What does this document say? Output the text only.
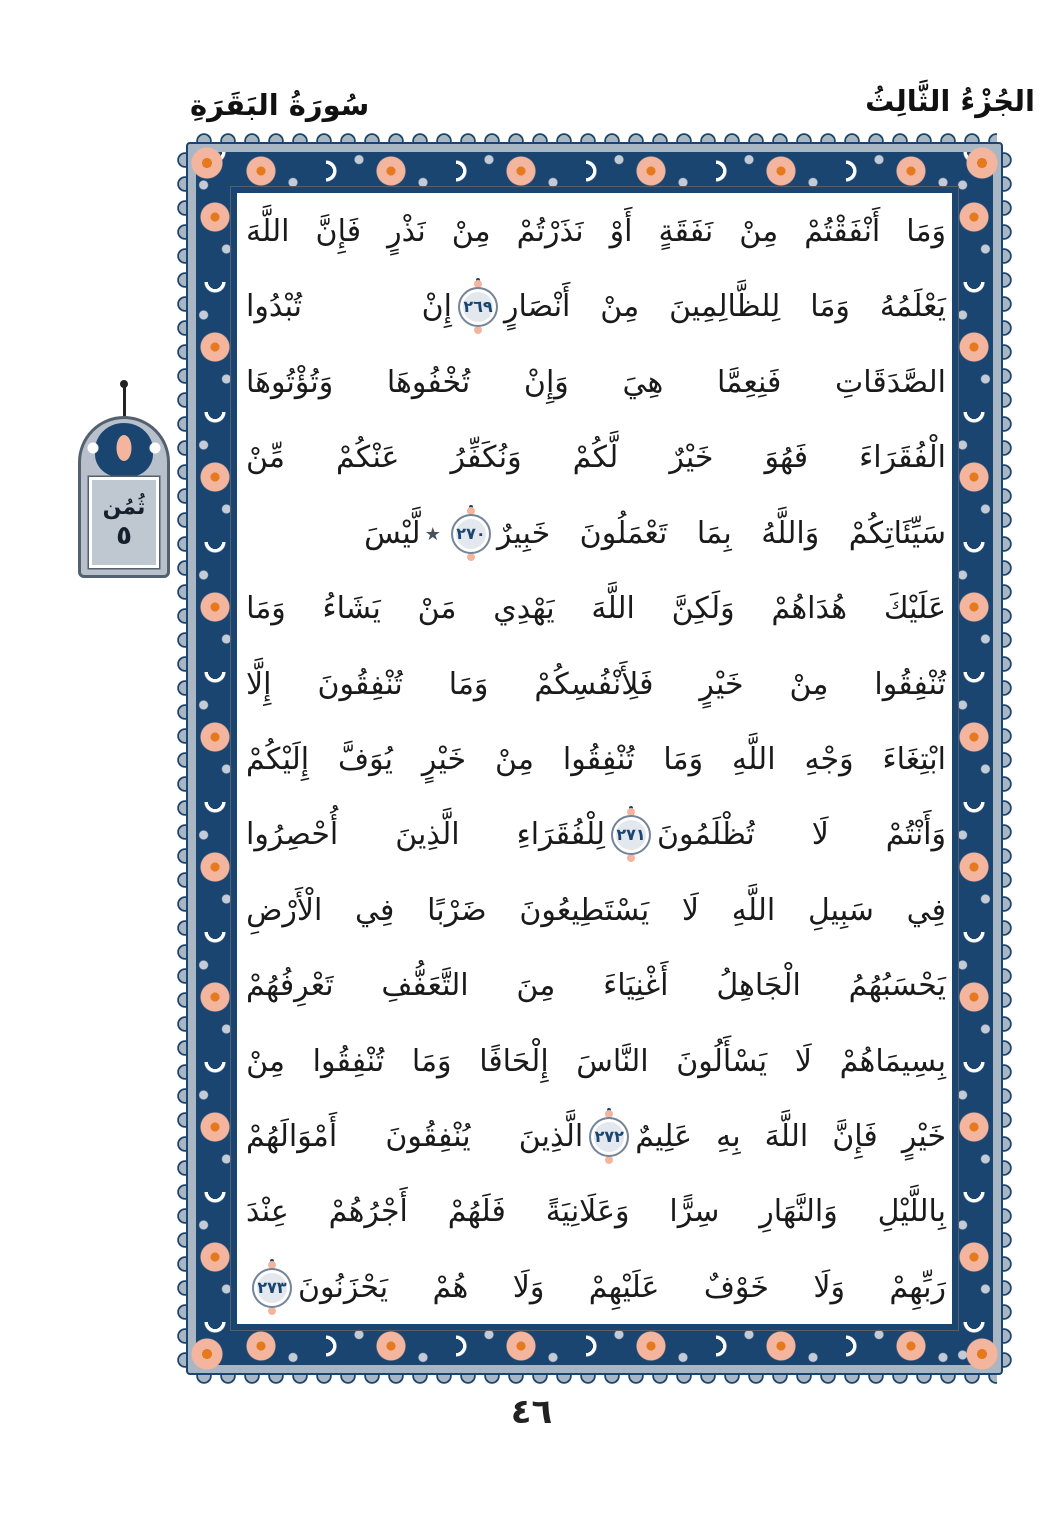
الجُزْءُ الثَّالِثُ
سُورَةُ البَقَرَةِ
وَمَا
أَنْفَقْتُمْ
مِنْ
نَفَقَةٍ
أَوْ
نَذَرْتُمْ
مِنْ
نَذْرٍ
فَإِنَّ
اللَّهَ
يَعْلَمُهُ
وَمَا
لِلظَّالِمِينَ
مِنْ
أَنْصَارٍ
٢٦٩
إِنْ
تُبْدُوا
الصَّدَقَاتِ
فَنِعِمَّا
هِيَ
وَإِنْ
تُخْفُوهَا
وَتُؤْتُوهَا
الْفُقَرَاءَ
فَهُوَ
خَيْرٌ
لَّكُمْ
وَنُكَفِّرُ
عَنْكُمْ
مِّنْ
سَيِّئَاتِكُمْ
وَاللَّهُ
بِمَا
تَعْمَلُونَ
خَبِيرٌ
٢٧٠
٭
لَّيْسَ
عَلَيْكَ
هُدَاهُمْ
وَلَكِنَّ
اللَّهَ
يَهْدِي
مَنْ
يَشَاءُ
وَمَا
تُنْفِقُوا
مِنْ
خَيْرٍ
فَلِأَنْفُسِكُمْ
وَمَا
تُنْفِقُونَ
إِلَّا
ابْتِغَاءَ
وَجْهِ
اللَّهِ
وَمَا
تُنْفِقُوا
مِنْ
خَيْرٍ
يُوَفَّ
إِلَيْكُمْ
وَأَنْتُمْ
لَا
تُظْلَمُونَ
٢٧١
لِلْفُقَرَاءِ
الَّذِينَ
أُحْصِرُوا
فِي
سَبِيلِ
اللَّهِ
لَا
يَسْتَطِيعُونَ
ضَرْبًا
فِي
الْأَرْضِ
يَحْسَبُهُمُ
الْجَاهِلُ
أَغْنِيَاءَ
مِنَ
التَّعَفُّفِ
تَعْرِفُهُمْ
بِسِيمَاهُمْ
لَا
يَسْأَلُونَ
النَّاسَ
إِلْحَافًا
وَمَا
تُنْفِقُوا
مِنْ
خَيْرٍ
فَإِنَّ
اللَّهَ
بِهِ
عَلِيمٌ
٢٧٢
الَّذِينَ
يُنْفِقُونَ
أَمْوَالَهُمْ
بِاللَّيْلِ
وَالنَّهَارِ
سِرًّا
وَعَلَانِيَةً
فَلَهُمْ
أَجْرُهُمْ
عِنْدَ
رَبِّهِمْ
وَلَا
خَوْفٌ
عَلَيْهِمْ
وَلَا
هُمْ
يَحْزَنُونَ
٢٧٣
ثُمُن
٥
٤٦
